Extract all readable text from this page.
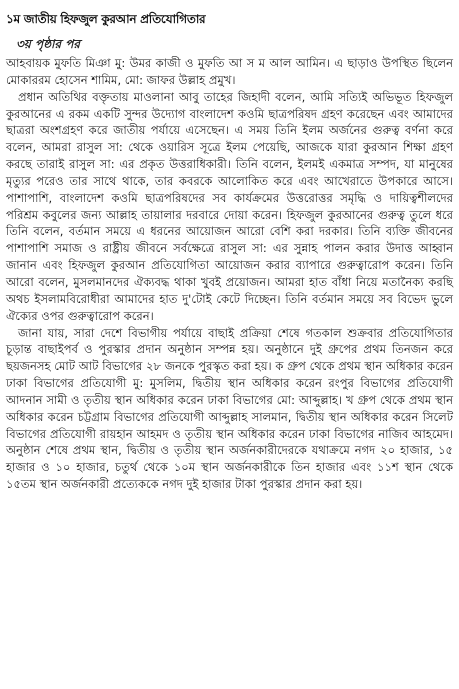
১ম জাতীয় হিফজুল কুরআন প্রতিযোগিতার
৩য় পৃষ্ঠার পর

আহবায়ক মুফতি মিঞা মু: উমর কাজী ও মুফতি আ স ম আল আমিন। এ ছাড়াও উপস্থিত ছিলেন মোকাররম হোসেন শামিম, মো: জাফর উল্লাহ প্রমুখ।

প্রধান অতিথির বক্তৃতায় মাওলানা আবু তাহের জিহাদী বলেন, আমি সত্যিই অভিভূত হিফজুল কুরআনের এ রকম একটি সুন্দর উদ্যোগ বাংলাদেশ কওমি ছাত্রপরিষদ গ্রহণ করেছেন এবং আমাদের ছাত্ররা অংশগ্রহণ করে জাতীয় পর্যায়ে এসেছেন। এ সময় তিনি ইলম অর্জনের গুরুত্ব বর্ণনা করে বলেন, আমরা রাসুল সা: থেকে ওয়ারিস সূত্রে ইলম পেয়েছি, আজকে যারা কুরআন শিক্ষা গ্রহণ করছে তারাই রাসুল সা: এর প্রকৃত উত্তরাধিকারী। তিনি বলেন, ইলমই একমাত্র সম্পদ, যা মানুষের মৃত্যুর পরেও তার সাথে থাকে, তার কবরকে আলোকিত করে এবং আখেরাতে উপকারে আসে। পাশাপাশি, বাংলাদেশ কওমি ছাত্রপরিষদের সব কার্যক্রমের উত্তরোত্তর সমৃদ্ধি ও দায়িত্বশীলদের পরিশ্রম কবুলের জন্য আল্লাহ তায়ালার দরবারে দোয়া করেন। হিফজুল কুরআনের গুরুত্ব তুলে ধরে তিনি বলেন, বর্তমান সময়ে এ ধরনের আয়োজন আরো বেশি করা দরকার। তিনি ব্যক্তি জীবনের পাশাপাশি সমাজ ও রাষ্ট্রীয় জীবনে সর্বক্ষেত্রে রাসুল সা: এর সুন্নাহ পালন করার উদাত্ত আহ্বান জানান এবং হিফজুল কুরআন প্রতিযোগিতা আয়োজন করার ব্যাপারে গুরুত্বারোপ করেন। তিনি আরো বলেন, মুসলমানদের ঐক্যবদ্ধ থাকা খুবই প্রয়োজন। আমরা হাত বাঁধা নিয়ে মতানৈক্য করছি অথচ ইসলামবিরোধীরা আমাদের হাত দু'টোই কেটে দিচ্ছেন। তিনি বর্তমান সময়ে সব বিভেদ ভুলে ঐক্যের ওপর গুরুত্বারোপ করেন।

জানা যায়, সারা দেশে বিভাগীয় পর্যায়ে বাছাই প্রক্রিয়া শেষে গতকাল শুক্রবার প্রতিযোগিতার চূড়ান্ত বাছাইপর্ব ও পুরস্কার প্রদান অনুষ্ঠান সম্পন্ন হয়। অনুষ্ঠানে দুই গ্রুপের প্রথম তিনজন করে ছয়জনসহ মোট আট বিভাগের ২৮ জনকে পুরস্কৃত করা হয়। ক গ্রুপ থেকে প্রথম স্থান অধিকার করেন ঢাকা বিভাগের প্রতিযোগী মু: মুসলিম, দ্বিতীয় স্থান অধিকার করেন রংপুর বিভাগের প্রতিযোগী আদনান সামী ও তৃতীয় স্থান অধিকার করেন ঢাকা বিভাগের মো: আব্দুল্লাহ। খ গ্রুপ থেকে প্রথম স্থান অধিকার করেন চট্টগ্রাম বিভাগের প্রতিযোগী আব্দুল্লাহ সালমান, দ্বিতীয় স্থান অধিকার করেন সিলেট বিভাগের প্রতিযোগী রায়হান আহমদ ও তৃতীয় স্থান অধিকার করেন ঢাকা বিভাগের নাজিব আহমেদ। অনুষ্ঠান শেষে প্রথম স্থান, দ্বিতীয় ও তৃতীয় স্থান অর্জনকারীদেরকে যথাক্রমে নগদ ২০ হাজার, ১৫ হাজার ও ১০ হাজার, চতুর্থ থেকে ১০ম স্থান অর্জনকারীকে তিন হাজার এবং ১১শ স্থান থেকে ১৫তম স্থান অর্জনকারী প্রত্যেককে নগদ দুই হাজার টাকা পুরস্কার প্রদান করা হয়।
